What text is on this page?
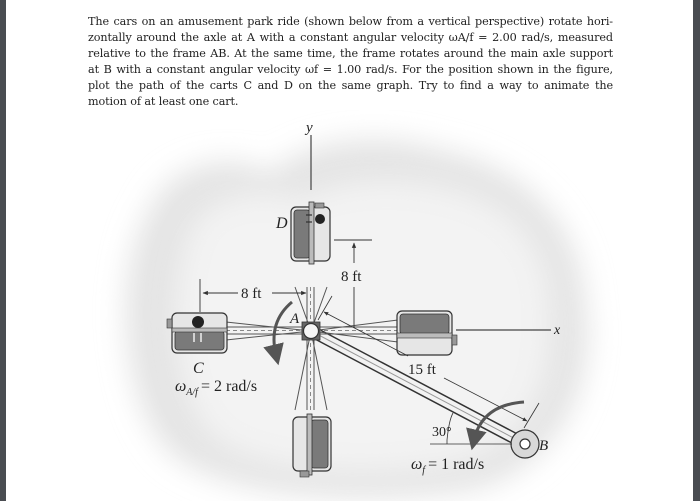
The cars on an amusement park ride (shown below from a vertical perspective) rotate hori-
zontally around the axle at A with a constant angular velocity ωA/f = 2.00 rad/s, measured
relative to the frame AB. At the same time, the frame rotates around the main axle support
at B with a constant angular velocity ωf = 1.00 rad/s. For the position shown in the figure,
plot the path of the carts C and D on the same graph. Try to find a way to animate the
motion of at least one cart.
y
x
D
C
A
B
8 ft
8 ft
15 ft
30°
$\omega_{A/f} = 2$ rad/s
$\omega_f = 1$ rad/s
